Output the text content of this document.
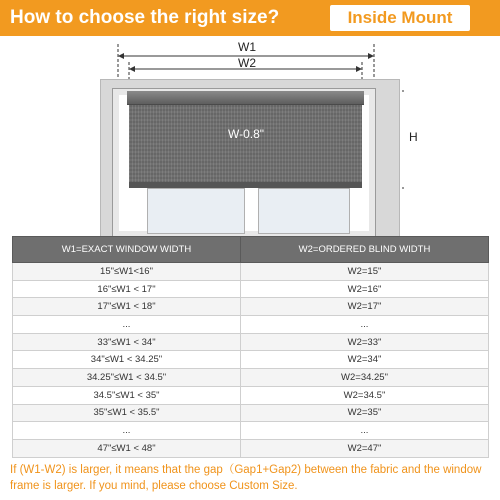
How to choose the right size?	Inside Mount
W1
W2
H
W-0.8"
W1=EXACT WINDOW WIDTH	W2=ORDERED BLIND WIDTH
15"≤W1<16"	W2=15"
16"≤W1 < 17"	W2=16"
17"≤W1 < 18"	W2=17"
...	...
33"≤W1 < 34"	W2=33"
34"≤W1 < 34.25"	W2=34"
34.25"≤W1 < 34.5"	W2=34.25"
34.5"≤W1 < 35"	W2=34.5"
35"≤W1 < 35.5"	W2=35"
...	...
47"≤W1 < 48"	W2=47"

If (W1-W2) is larger, it means that the gap（Gap1+Gap2) between the fabric and the window frame is larger. If you mind, please choose Custom Size.
